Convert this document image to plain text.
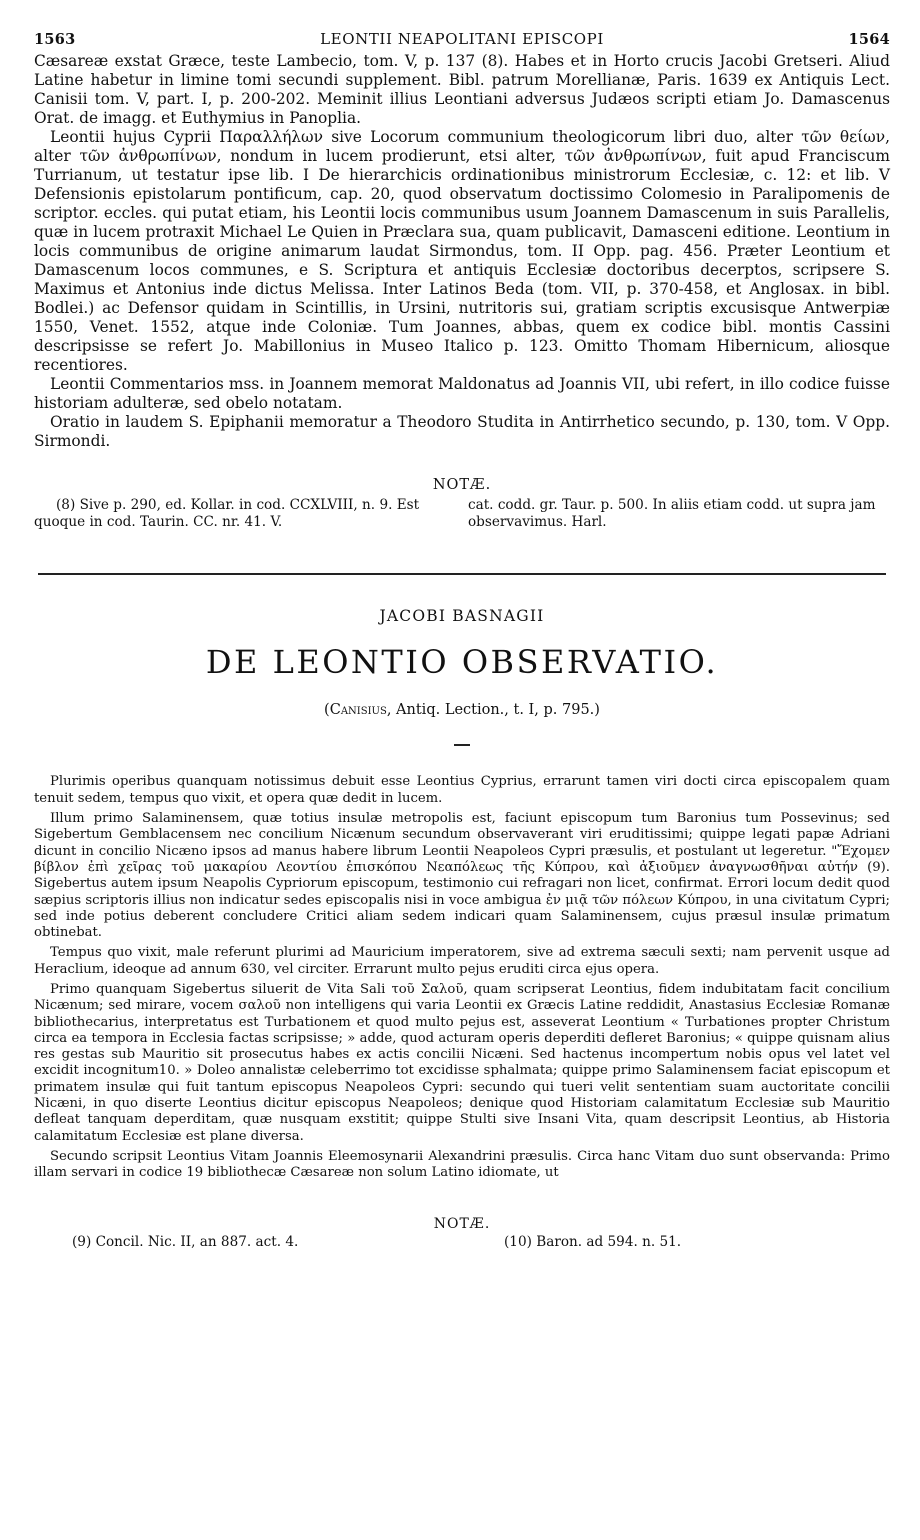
1563	LEONTII NEAPOLITANI EPISCOPI	1564

Cæsareæ exstat Græce, teste Lambecio, tom. V, p. 137 (8). Habes et in Horto crucis Jacobi Gretseri. Aliud Latine habetur in limine tomi secundi supplement. Bibl. patrum Morellianæ, Paris. 1639 ex Antiquis Lect. Canisii tom. V, part. I, p. 200-202. Meminit illius Leontiani adversus Judæos scripti etiam Jo. Damascenus Orat. de imagg. et Euthymius in Panoplia.

Leontii hujus Cyprii Παραλλήλων sive Locorum communium theologicorum libri duo, alter τῶν θείων, alter τῶν ἀνθρωπίνων, nondum in lucem prodierunt, etsi alter, τῶν ἀνθρωπίνων, fuit apud Franciscum Turrianum, ut testatur ipse lib. I De hierarchicis ordinationibus ministrorum Ecclesiæ, c. 12: et lib. V Defensionis epistolarum pontificum, cap. 20, quod observatum doctissimo Colomesio in Paralipomenis de scriptor. eccles. qui putat etiam, his Leontii locis communibus usum Joannem Damascenum in suis Parallelis, quæ in lucem protraxit Michael Le Quien in Præclara sua, quam publicavit, Damasceni editione. Leontium in locis communibus de origine animarum laudat Sirmondus, tom. II Opp. pag. 456. Præter Leontium et Damascenum locos communes, e S. Scriptura et antiquis Ecclesiæ doctoribus decerptos, scripsere S. Maximus et Antonius inde dictus Melissa. Inter Latinos Beda (tom. VII, p. 370-458, et Anglosax. in bibl. Bodlei.) ac Defensor quidam in Scintillis, in Ursini, nutritoris sui, gratiam scriptis excusisque Antwerpiæ 1550, Venet. 1552, atque inde Coloniæ. Tum Joannes, abbas, quem ex codice bibl. montis Cassini descripsisse se refert Jo. Mabillonius in Museo Italico p. 123. Omitto Thomam Hibernicum, aliosque recentiores.

Leontii Commentarios mss. in Joannem memorat Maldonatus ad Joannis VII, ubi refert, in illo codice fuisse historiam adulteræ, sed obelo notatam.

Oratio in laudem S. Epiphanii memoratur a Theodoro Studita in Antirrhetico secundo, p. 130, tom. V Opp. Sirmondi.

NOTÆ.

(8) Sive p. 290, ed. Kollar. in cod. CCXLVIII, n. 9. Est quoque in cod. Taurin. CC. nr. 41. V.

cat. codd. gr. Taur. p. 500. In aliis etiam codd. ut supra jam observavimus. Harl.

JACOBI BASNAGII
DE LEONTIO OBSERVATIO.
(Canisius, Antiq. Lection., t. I, p. 795.)

Plurimis operibus quanquam notissimus debuit esse Leontius Cyprius, errarunt tamen viri docti circa episcopalem quam tenuit sedem, tempus quo vixit, et opera quæ dedit in lucem.

Illum primo Salaminensem, quæ totius insulæ metropolis est, faciunt episcopum tum Baronius tum Possevinus; sed Sigebertum Gemblacensem nec concilium Nicænum secundum observaverant viri eruditissimi; quippe legati papæ Adriani dicunt in concilio Nicæno ipsos ad manus habere librum Leontii Neapoleos Cypri præsulis, et postulant ut legeretur. "Ἔχομεν βίβλον ἐπὶ χεῖρας τοῦ μακαρίου Λεοντίου ἐπισκόπου Νεαπόλεως τῆς Κύπρου, καὶ ἀξιοῦμεν ἀναγνωσθῆναι αὐτήν (9). Sigebertus autem ipsum Neapolis Cypriorum episcopum, testimonio cui refragari non licet, confirmat. Errori locum dedit quod sæpius scriptoris illius non indicatur sedes episcopalis nisi in voce ambigua ἐν μιᾷ τῶν πόλεων Κύπρου, in una civitatum Cypri; sed inde potius deberent concludere Critici aliam sedem indicari quam Salaminensem, cujus præsul insulæ primatum obtinebat.

Tempus quo vixit, male referunt plurimi ad Mauricium imperatorem, sive ad extrema sæculi sexti; nam pervenit usque ad Heraclium, ideoque ad annum 630, vel circiter. Errarunt multo pejus eruditi circa ejus opera.

Primo quanquam Sigebertus siluerit de Vita Sali τοῦ Σαλοῦ, quam scripserat Leontius, fidem indubitatam facit concilium Nicænum; sed mirare, vocem σαλοῦ non intelligens qui varia Leontii ex Græcis Latine reddidit, Anastasius Ecclesiæ Romanæ bibliothecarius, interpretatus est Turbationem et quod multo pejus est, asseverat Leontium « Turbationes propter Christum circa ea tempora in Ecclesia factas scripsisse; » adde, quod acturam operis deperditi defleret Baronius; « quippe quisnam alius res gestas sub Mauritio sit prosecutus habes ex actis concilii Nicæni. Sed hactenus incompertum nobis opus vel latet vel excidit incognitum10. » Doleo annalistæ celeberrimo tot excidisse sphalmata; quippe primo Salaminensem faciat episcopum et primatem insulæ qui fuit tantum episcopus Neapoleos Cypri: secundo qui tueri velit sententiam suam auctoritate concilii Nicæni, in quo diserte Leontius dicitur episcopus Neapoleos; denique quod Historiam calamitatum Ecclesiæ sub Mauritio defleat tanquam deperditam, quæ nusquam exstitit; quippe Stulti sive Insani Vita, quam descripsit Leontius, ab Historia calamitatum Ecclesiæ est plane diversa.

Secundo scripsit Leontius Vitam Joannis Eleemosynarii Alexandrini præsulis. Circa hanc Vitam duo sunt observanda: Primo illam servari in codice 19 bibliothecæ Cæsareæ non solum Latino idiomate, ut

NOTÆ.
(9) Concil. Nic. II, an 887. act. 4.	(10) Baron. ad 594. n. 51.
